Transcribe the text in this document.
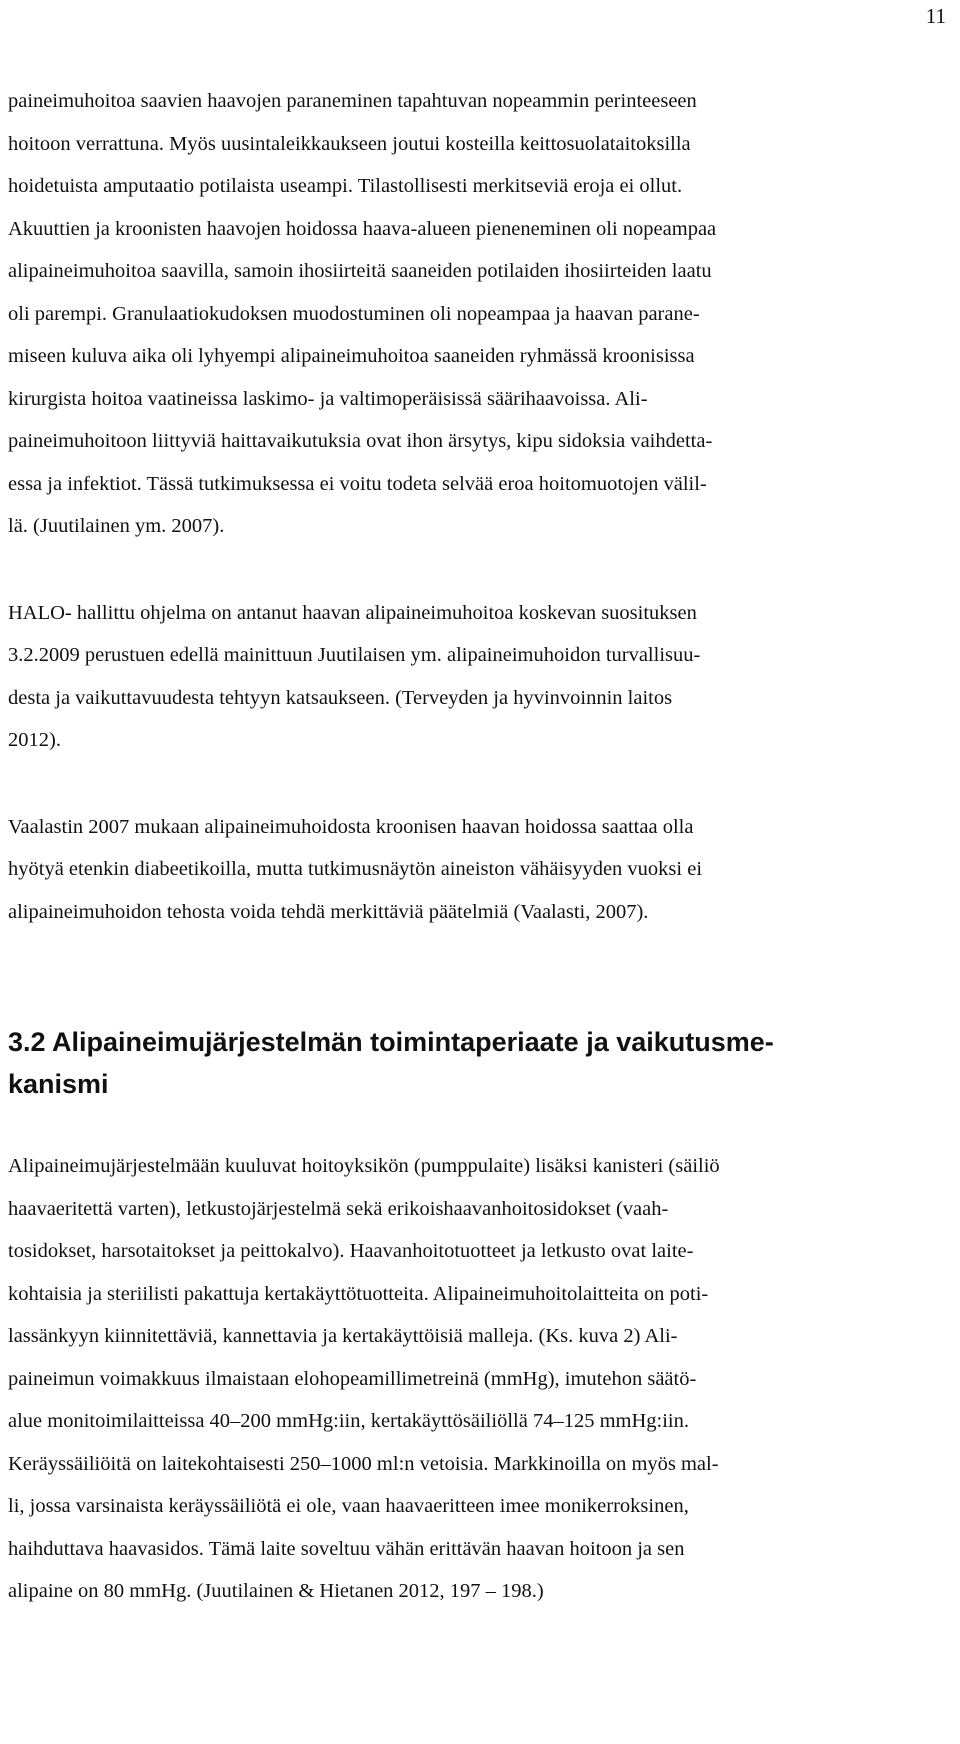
11

paineimuhoitoa saavien haavojen paraneminen tapahtuvan nopeammin perinteeseen
hoitoon verrattuna. Myös uusintaleikkaukseen joutui kosteilla keittosuolataitoksilla
hoidetuista amputaatio potilaista useampi. Tilastollisesti merkitseviä eroja ei ollut.
Akuuttien ja kroonisten haavojen hoidossa haava-alueen pieneneminen oli nopeampaa
alipaineimuhoitoa saavilla, samoin ihosiirteitä saaneiden potilaiden ihosiirteiden laatu
oli parempi. Granulaatiokudoksen muodostuminen oli nopeampaa ja haavan parane-
miseen kuluva aika oli lyhyempi alipaineimuhoitoa saaneiden ryhmässä kroonisissa
kirurgista hoitoa vaatineissa laskimo- ja valtimoperäisissä säärihaavoissa. Ali-
paineimuhoitoon liittyviä haittavaikutuksia ovat ihon ärsytys, kipu sidoksia vaihdetta-
essa ja infektiot. Tässä tutkimuksessa ei voitu todeta selvää eroa hoitomuotojen välil-
lä. (Juutilainen ym. 2007).

HALO- hallittu ohjelma on antanut haavan alipaineimuhoitoa koskevan suosituksen
3.2.2009 perustuen edellä mainittuun Juutilaisen ym. alipaineimuhoidon turvallisuu-
desta ja vaikuttavuudesta tehtyyn katsaukseen. (Terveyden ja hyvinvoinnin laitos
2012).

Vaalastin 2007 mukaan alipaineimuhoidosta kroonisen haavan hoidossa saattaa olla
hyötyä etenkin diabeetikoilla, mutta tutkimusnäytön aineiston vähäisyyden vuoksi ei
alipaineimuhoidon tehosta voida tehdä merkittäviä päätelmiä (Vaalasti, 2007).

3.2 Alipaineimujärjestelmän toimintaperiaate ja vaikutusme-
kanismi

Alipaineimujärjestelmään kuuluvat hoitoyksikön (pumppulaite) lisäksi kanisteri (säiliö
haavaeritettä varten), letkustojärjestelmä sekä erikoishaavanhoitosidokset (vaah-
tosidokset, harsotaitokset ja peittokalvo). Haavanhoitotuotteet ja letkusto ovat laite-
kohtaisia ja steriilisti pakattuja kertakäyttötuotteita. Alipaineimuhoitolaitteita on poti-
lassänkyyn kiinnitettäviä, kannettavia ja kertakäyttöisiä malleja. (Ks. kuva 2) Ali-
paineimun voimakkuus ilmaistaan elohopeamillimetreinä (mmHg), imutehon säätö-
alue monitoimilaitteissa 40–200 mmHg:iin, kertakäyttösäiliöllä 74–125 mmHg:iin.
Keräyssäiliöitä on laitekohtaisesti 250–1000 ml:n vetoisia. Markkinoilla on myös mal-
li, jossa varsinaista keräyssäiliötä ei ole, vaan haavaeritteen imee monikerroksinen,
haihduttava haavasidos. Tämä laite soveltuu vähän erittävän haavan hoitoon ja sen
alipaine on 80 mmHg. (Juutilainen & Hietanen 2012, 197 – 198.)
